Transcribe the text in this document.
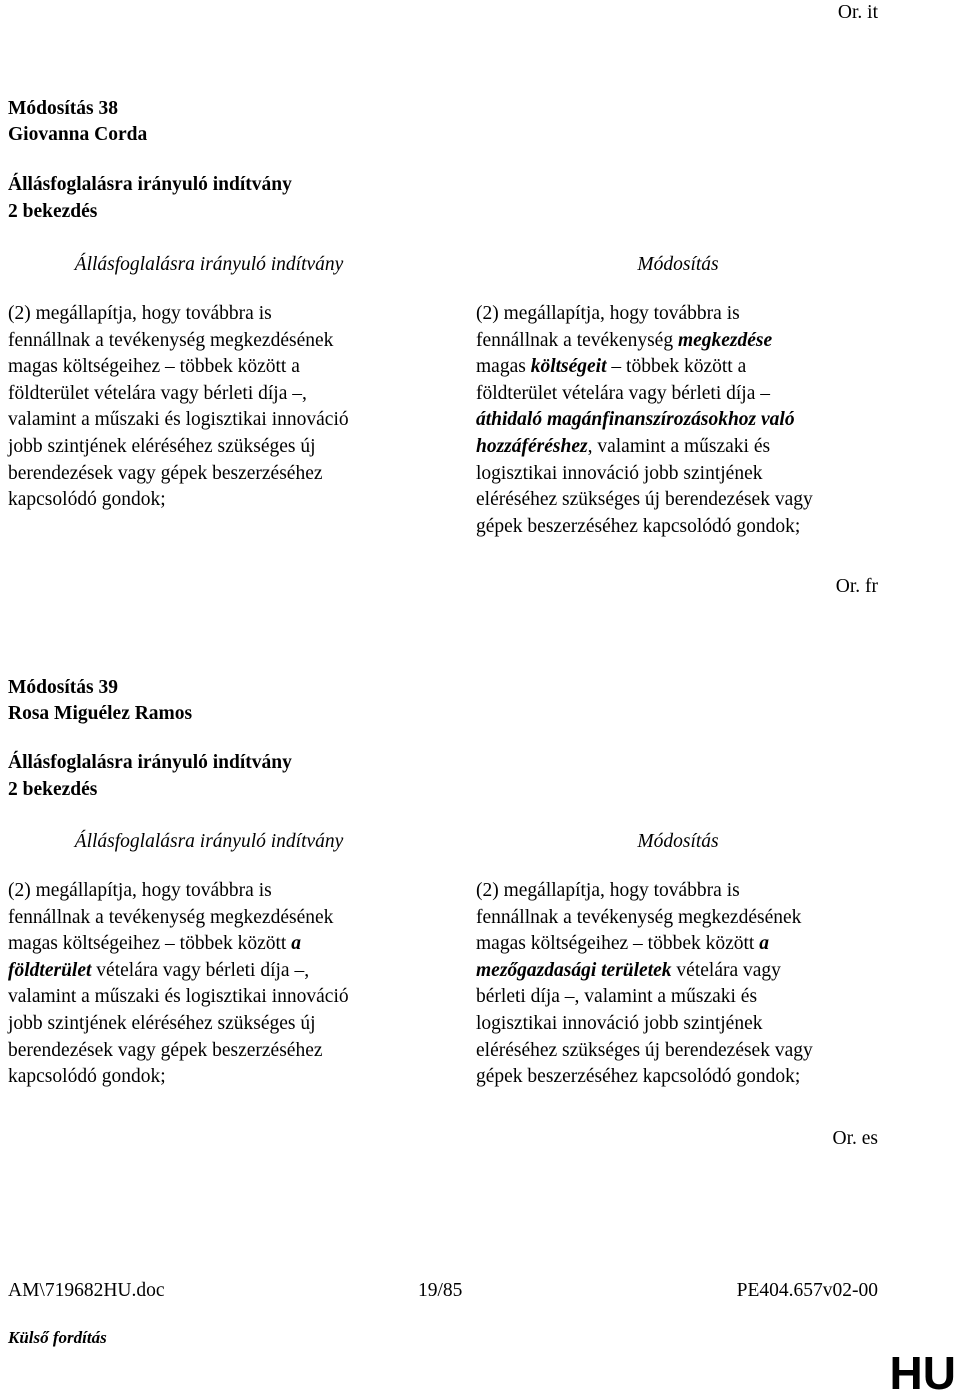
Or. it
Módosítás 38
Giovanna Corda
Állásfoglalásra irányuló indítvány
2 bekezdés
Állásfoglalásra irányuló indítvány	Módosítás
(2) megállapítja, hogy továbbra is
fennállnak a tevékenység megkezdésének
magas költségeihez – többek között a
földterület vételára vagy bérleti díja –,
valamint a műszaki és logisztikai innováció
jobb szintjének eléréséhez szükséges új
berendezések vagy gépek beszerzéséhez
kapcsolódó gondok;
(2) megállapítja, hogy továbbra is
fennállnak a tevékenység megkezdése
magas költségeit – többek között a
földterület vételára vagy bérleti díja –
áthidaló magánfinanszírozásokhoz való
hozzáféréshez, valamint a műszaki és
logisztikai innováció jobb szintjének
eléréséhez szükséges új berendezések vagy
gépek beszerzéséhez kapcsolódó gondok;
Or. fr
Módosítás 39
Rosa Miguélez Ramos
Állásfoglalásra irányuló indítvány
2 bekezdés
Állásfoglalásra irányuló indítvány	Módosítás
(2) megállapítja, hogy továbbra is
fennállnak a tevékenység megkezdésének
magas költségeihez – többek között a
földterület vételára vagy bérleti díja –,
valamint a műszaki és logisztikai innováció
jobb szintjének eléréséhez szükséges új
berendezések vagy gépek beszerzéséhez
kapcsolódó gondok;
(2) megállapítja, hogy továbbra is
fennállnak a tevékenység megkezdésének
magas költségeihez – többek között a
mezőgazdasági területek vételára vagy
bérleti díja –, valamint a műszaki és
logisztikai innováció jobb szintjének
eléréséhez szükséges új berendezések vagy
gépek beszerzéséhez kapcsolódó gondok;
Or. es
AM\719682HU.doc	19/85	PE404.657v02-00
Külső fordítás
HU
